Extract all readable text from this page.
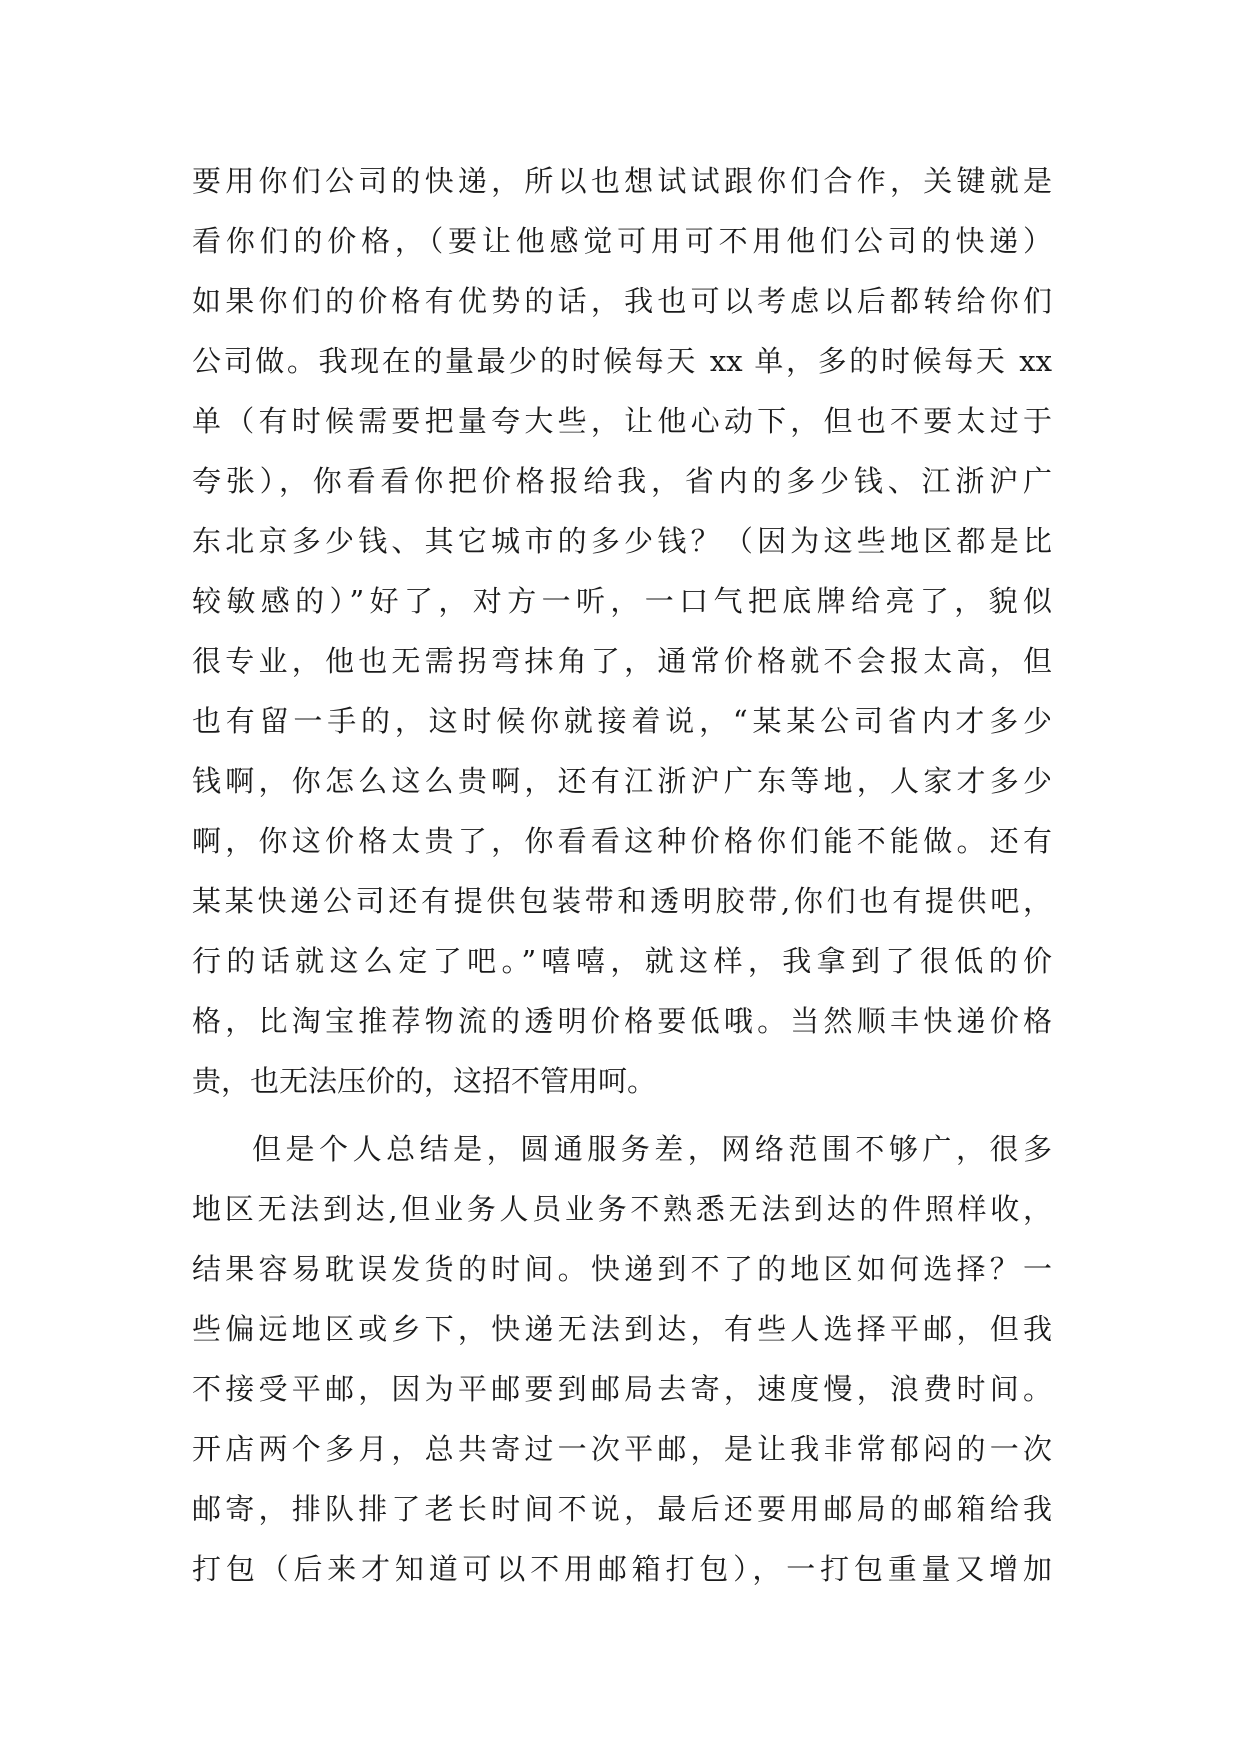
要用你们公司的快递，所以也想试试跟你们合作，关键就是
看你们的价格，（要让他感觉可用可不用他们公司的快递）
如果你们的价格有优势的话，我也可以考虑以后都转给你们
公司做。我现在的量最少的时候每天 xx 单，多的时候每天 xx
单（有时候需要把量夸大些，让他心动下，但也不要太过于
夸张），你看看你把价格报给我，省内的多少钱、江浙沪广
东北京多少钱、其它城市的多少钱？（因为这些地区都是比
较敏感的）”好了，对方一听，一口气把底牌给亮了，貌似
很专业，他也无需拐弯抹角了，通常价格就不会报太高，但
也有留一手的，这时候你就接着说，“某某公司省内才多少
钱啊，你怎么这么贵啊，还有江浙沪广东等地，人家才多少
啊，你这价格太贵了，你看看这种价格你们能不能做。还有
某某快递公司还有提供包装带和透明胶带,你们也有提供吧，
行的话就这么定了吧。”嘻嘻，就这样，我拿到了很低的价
格，比淘宝推荐物流的透明价格要低哦。当然顺丰快递价格
贵，也无法压价的，这招不管用呵。
但是个人总结是，圆通服务差，网络范围不够广，很多
地区无法到达,但业务人员业务不熟悉无法到达的件照样收，
结果容易耽误发货的时间。快递到不了的地区如何选择？一
些偏远地区或乡下，快递无法到达，有些人选择平邮，但我
不接受平邮，因为平邮要到邮局去寄，速度慢，浪费时间。
开店两个多月，总共寄过一次平邮，是让我非常郁闷的一次
邮寄，排队排了老长时间不说，最后还要用邮局的邮箱给我
打包（后来才知道可以不用邮箱打包），一打包重量又增加
